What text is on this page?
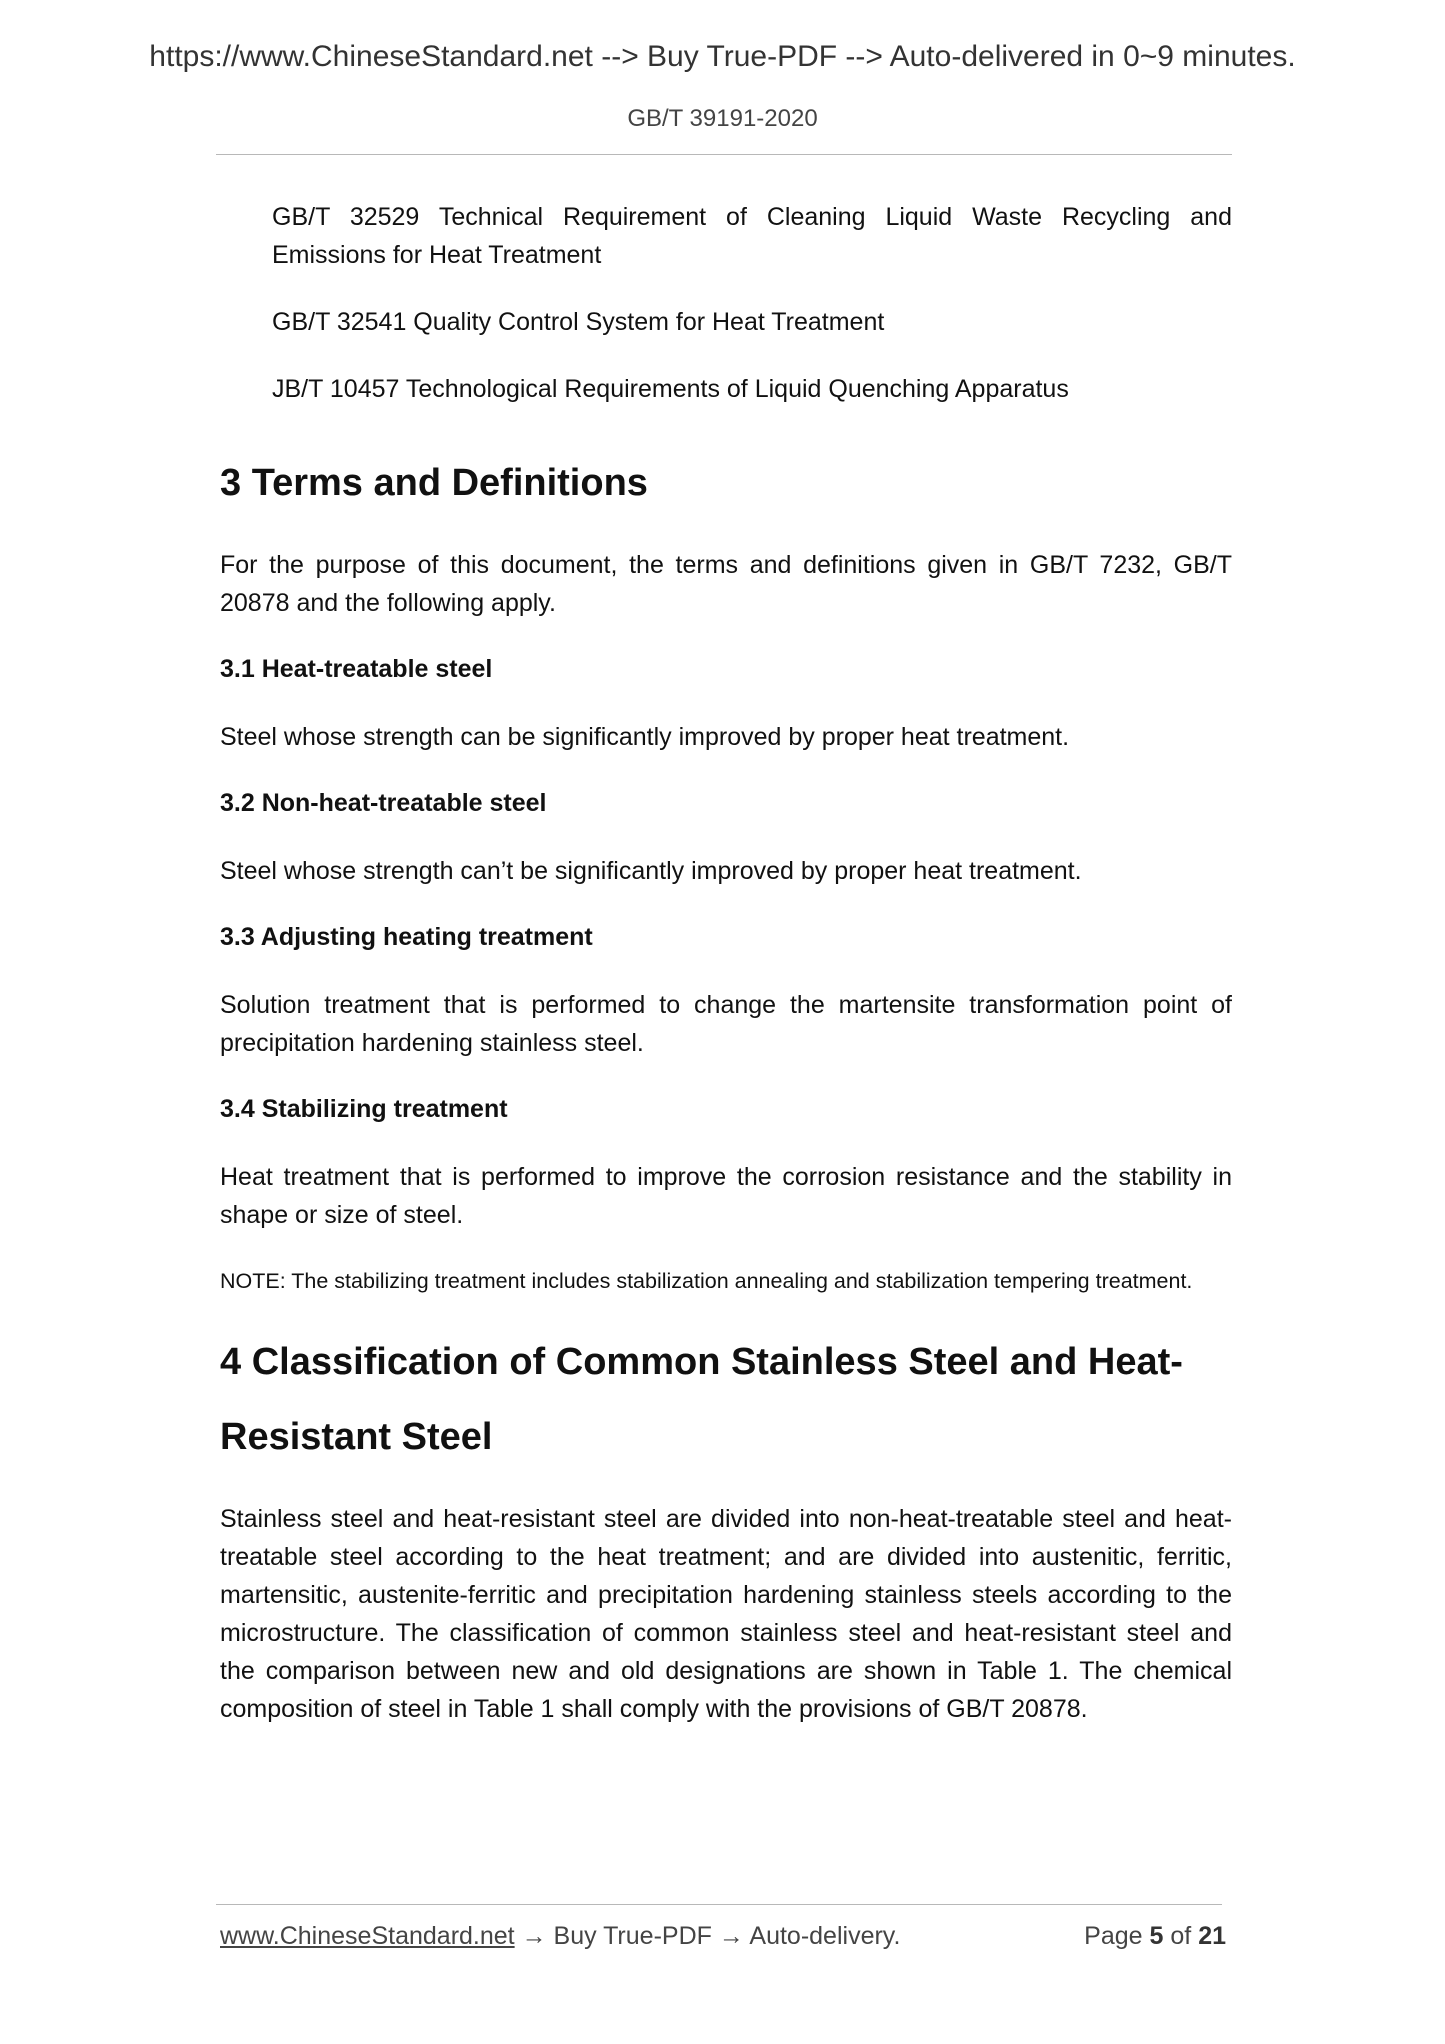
https://www.ChineseStandard.net --> Buy True-PDF --> Auto-delivered in 0~9 minutes.
GB/T 39191-2020
GB/T 32529 Technical Requirement of Cleaning Liquid Waste Recycling and Emissions for Heat Treatment
GB/T 32541 Quality Control System for Heat Treatment
JB/T 10457 Technological Requirements of Liquid Quenching Apparatus
3 Terms and Definitions
For the purpose of this document, the terms and definitions given in GB/T 7232, GB/T 20878 and the following apply.
3.1 Heat-treatable steel
Steel whose strength can be significantly improved by proper heat treatment.
3.2 Non-heat-treatable steel
Steel whose strength can’t be significantly improved by proper heat treatment.
3.3 Adjusting heating treatment
Solution treatment that is performed to change the martensite transformation point of precipitation hardening stainless steel.
3.4 Stabilizing treatment
Heat treatment that is performed to improve the corrosion resistance and the stability in shape or size of steel.
NOTE: The stabilizing treatment includes stabilization annealing and stabilization tempering treatment.
4 Classification of Common Stainless Steel and Heat-
Resistant Steel
Stainless steel and heat-resistant steel are divided into non-heat-treatable steel and heat-treatable steel according to the heat treatment; and are divided into austenitic, ferritic, martensitic, austenite-ferritic and precipitation hardening stainless steels according to the microstructure. The classification of common stainless steel and heat-resistant steel and the comparison between new and old designations are shown in Table 1. The chemical composition of steel in Table 1 shall comply with the provisions of GB/T 20878.
www.ChineseStandard.net → Buy True-PDF → Auto-delivery.	Page 5 of 21
